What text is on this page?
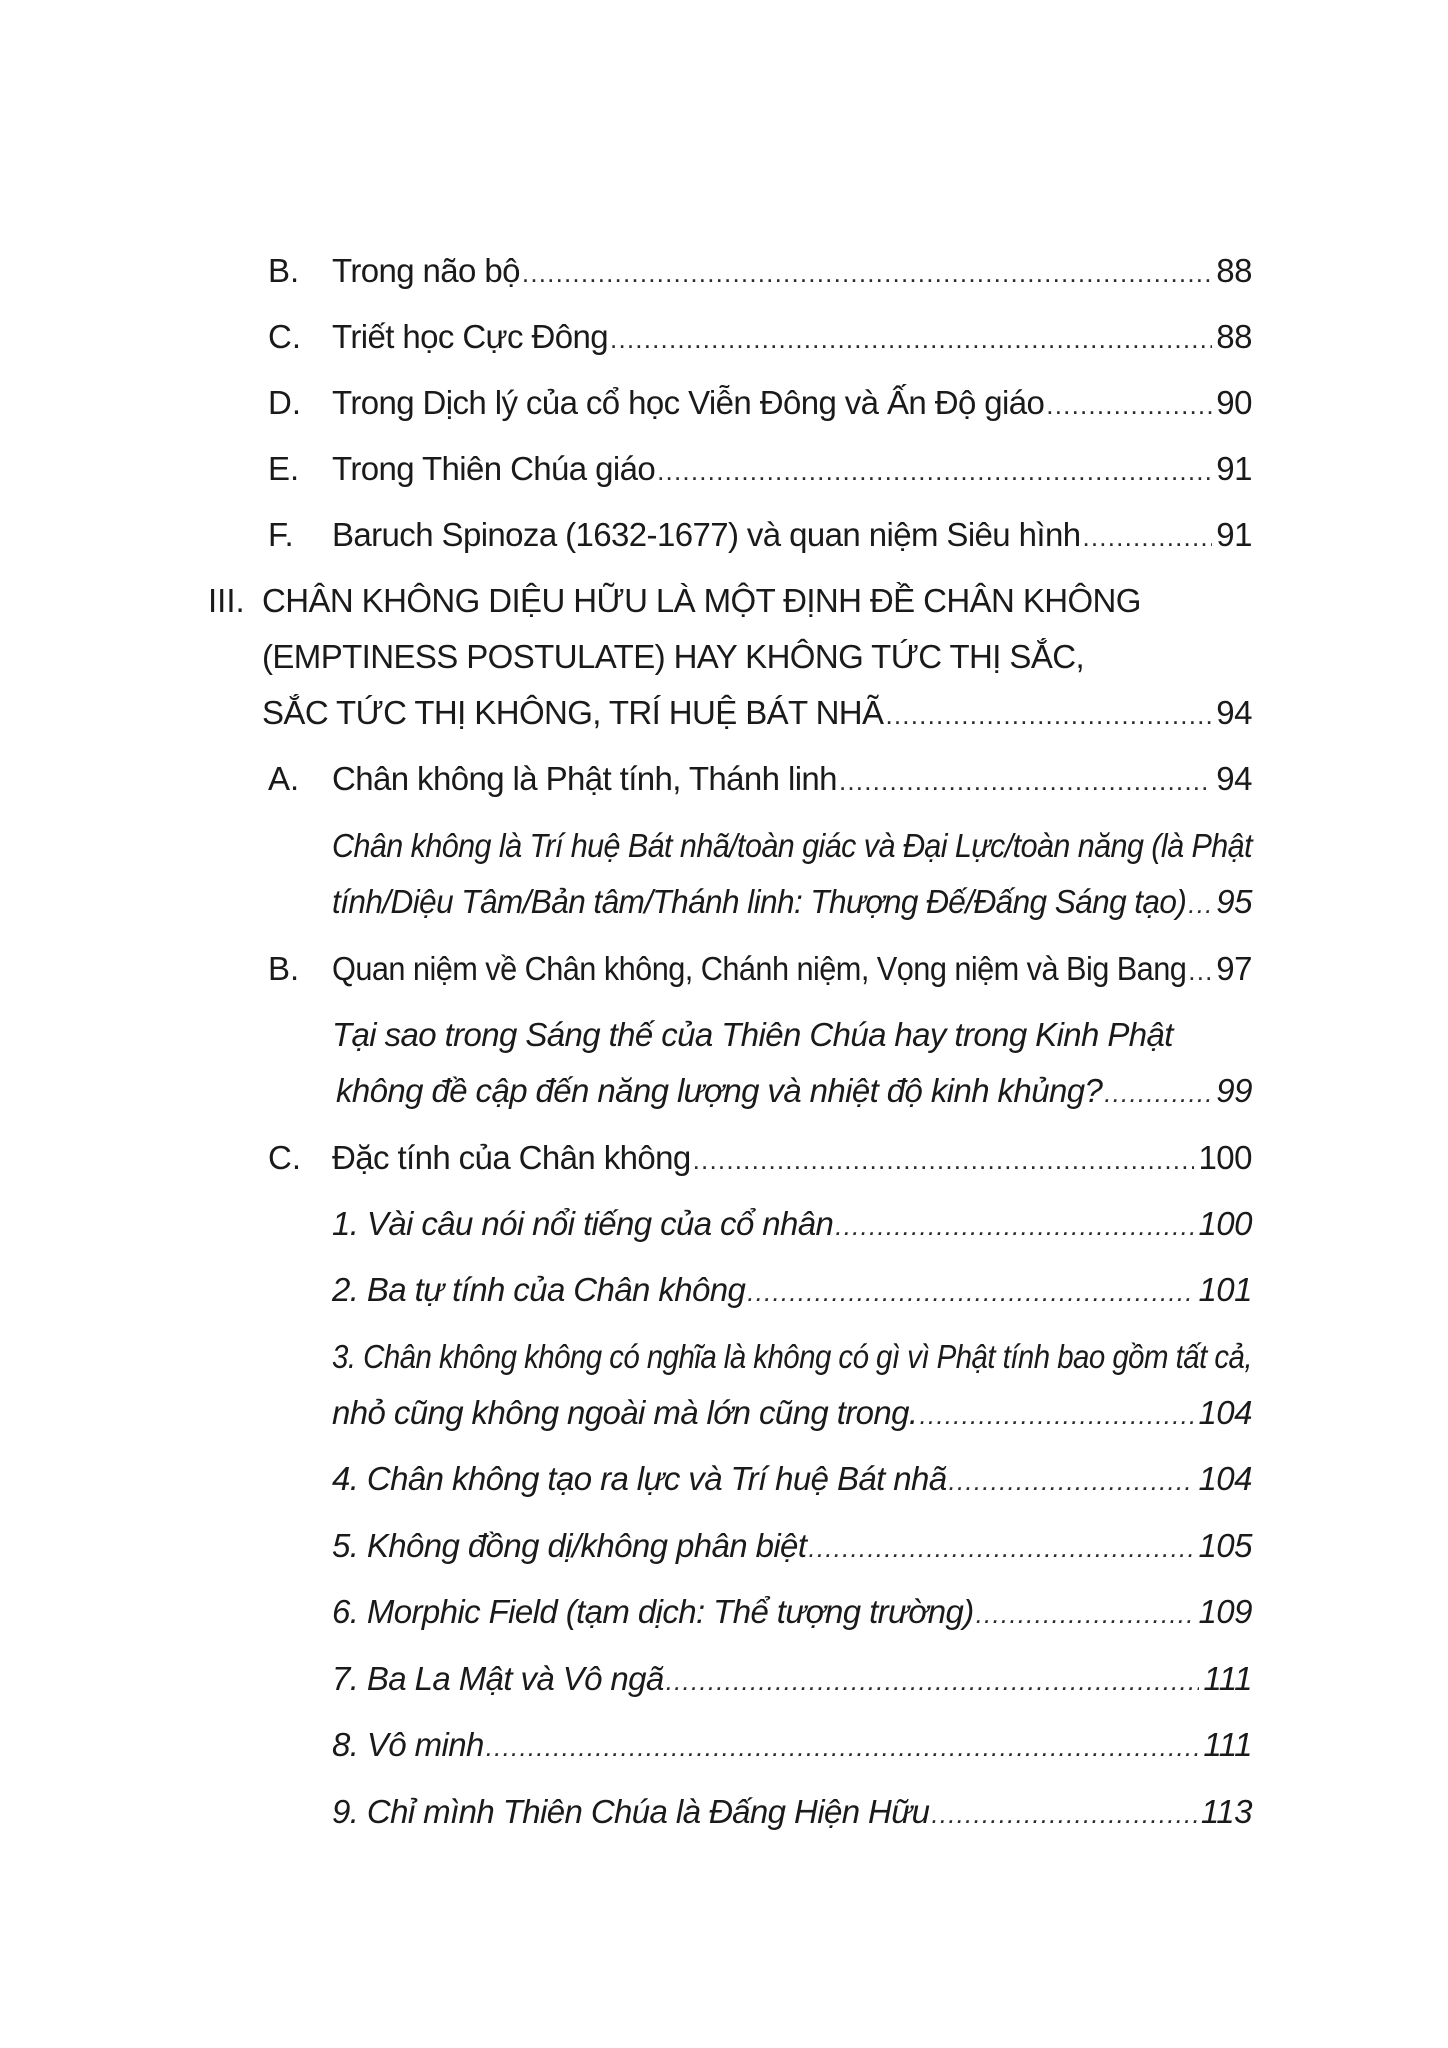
B. Trong não bộ .....	88
C. Triết học Cực Đông .....	88
D. Trong Dịch lý của cổ học Viễn Đông và Ấn Độ giáo .....	90
E. Trong Thiên Chúa giáo .....	91
F. Baruch Spinoza (1632-1677) và quan niệm Siêu hình .....	91
III. CHÂN KHÔNG DIỆU HỮU LÀ MỘT ĐỊNH ĐỀ CHÂN KHÔNG
(EMPTINESS POSTULATE) HAY KHÔNG TỨC THỊ SẮC,
SẮC TỨC THỊ KHÔNG, TRÍ HUỆ BÁT NHÃ .....	94
A. Chân không là Phật tính, Thánh linh .....	94
Chân không là Trí huệ Bát nhã/toàn giác và Đại Lực/toàn năng (là Phật
tính/Diệu Tâm/Bản tâm/Thánh linh: Thượng Đế/Đấng Sáng tạo) ..... 95
B. Quan niệm về Chân không, Chánh niệm, Vọng niệm và Big Bang ..... 97
Tại sao trong Sáng thế của Thiên Chúa hay trong Kinh Phật
không đề cập đến năng lượng và nhiệt độ kinh khủng? .....	99
C. Đặc tính của Chân không .....	100
1. Vài câu nói nổi tiếng của cổ nhân .....	100
2. Ba tự tính của Chân không .....	101
3. Chân không không có nghĩa là không có gì vì Phật tính bao gồm tất cả,
nhỏ cũng không ngoài mà lớn cũng trong. .....	104
4. Chân không tạo ra lực và Trí huệ Bát nhã .....	104
5. Không đồng dị/không phân biệt .....	105
6. Morphic Field (tạm dịch: Thể tượng trường) .....	109
7. Ba La Mật và Vô ngã .....	111
8. Vô minh .....	111
9. Chỉ mình Thiên Chúa là Đấng Hiện Hữu .....	113
